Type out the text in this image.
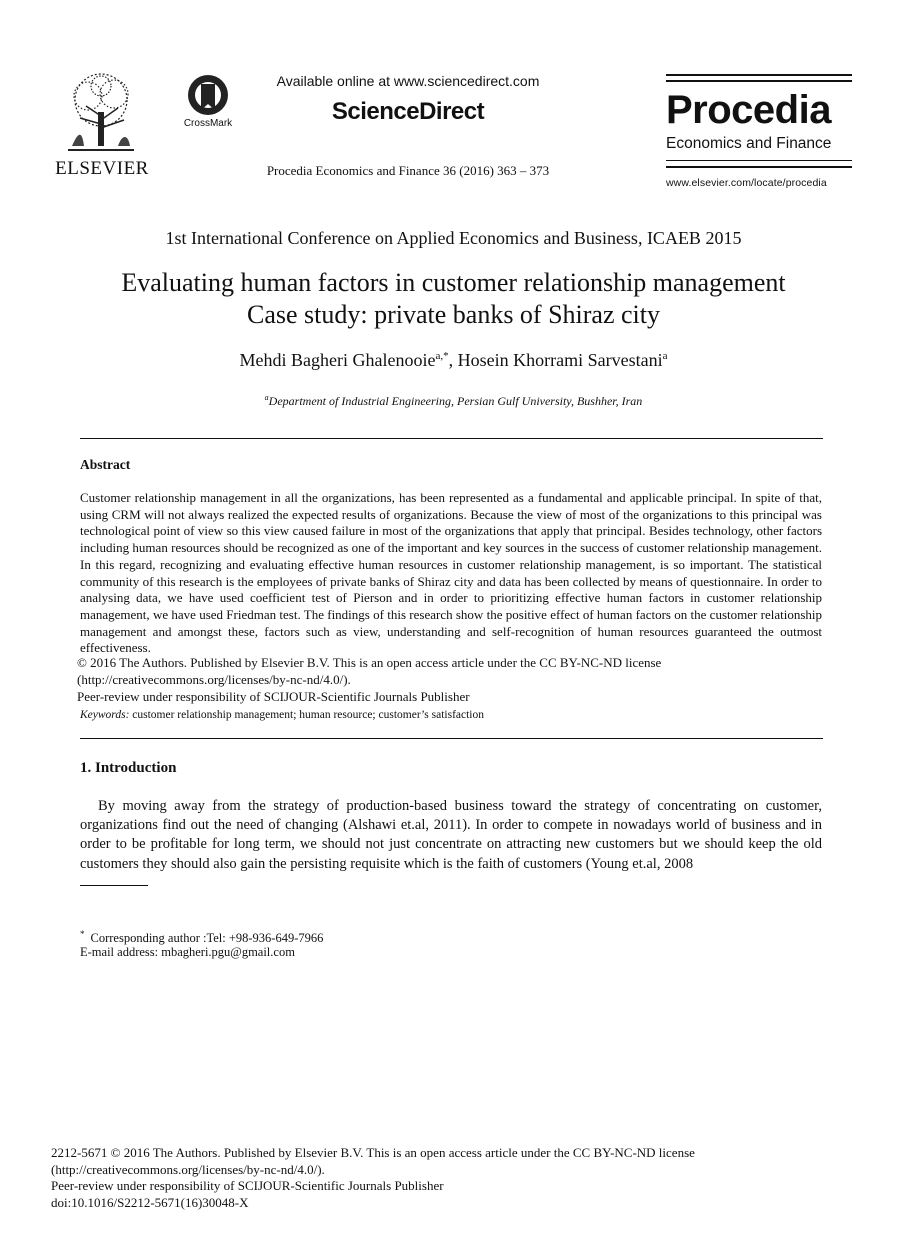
ELSEVIER
CrossMark
Available online at www.sciencedirect.com
ScienceDirect
Procedia Economics and Finance 36 (2016) 363 – 373
Procedia
Economics and Finance
www.elsevier.com/locate/procedia
1st International Conference on Applied Economics and Business, ICAEB 2015
Evaluating human factors in customer relationship management
Case study: private banks of Shiraz city
Mehdi Bagheri Ghalenooie$^{a,*}$, Hosein Khorrami Sarvestani$^a$
$^a$Department of Industrial Engineering, Persian Gulf University, Bushher, Iran
Abstract
Customer relationship management in all the organizations, has been represented as a fundamental and applicable principal. In spite of that, using CRM will not always realized the expected results of organizations. Because the view of most of the organizations to this principal was technological point of view so this view caused failure in most of the organizations that apply that principal. Besides technology, other factors including human resources should be recognized as one of the important and key sources in the success of customer relationship management. In this regard, recognizing and evaluating effective human resources in customer relationship management, is so important. The statistical community of this research is the employees of private banks of Shiraz city and data has been collected by means of questionnaire. In order to analysing data, we have used coefficient test of Pierson and in order to prioritizing effective human factors in customer relationship management, we have used Friedman test. The findings of this research show the positive effect of human factors on the customer relationship management and amongst these, factors such as view, understanding and self-recognition of human resources guaranteed the outmost effectiveness.
© 2016 The Authors. Published by Elsevier B.V. This is an open access article under the CC BY-NC-ND license
(http://creativecommons.org/licenses/by-nc-nd/4.0/).
Peer-review under responsibility of SCIJOUR-Scientific Journals Publisher
Keywords: customer relationship management; human resource; customer’s satisfaction
1. Introduction
By moving away from the strategy of production-based business toward the strategy of concentrating on customer, organizations find out the need of changing (Alshawi et.al, 2011). In order to compete in nowadays world of business and in order to be profitable for long term, we should not just concentrate on attracting new customers but we should keep the old customers they should also gain the persisting requisite which is the faith of customers (Young et.al, 2008
* Corresponding author :Tel: +98-936-649-7966
E-mail address: mbagheri.pgu@gmail.com
2212-5671 © 2016 The Authors. Published by Elsevier B.V. This is an open access article under the CC BY-NC-ND license
(http://creativecommons.org/licenses/by-nc-nd/4.0/).
Peer-review under responsibility of SCIJOUR-Scientific Journals Publisher
doi:10.1016/S2212-5671(16)30048-X
